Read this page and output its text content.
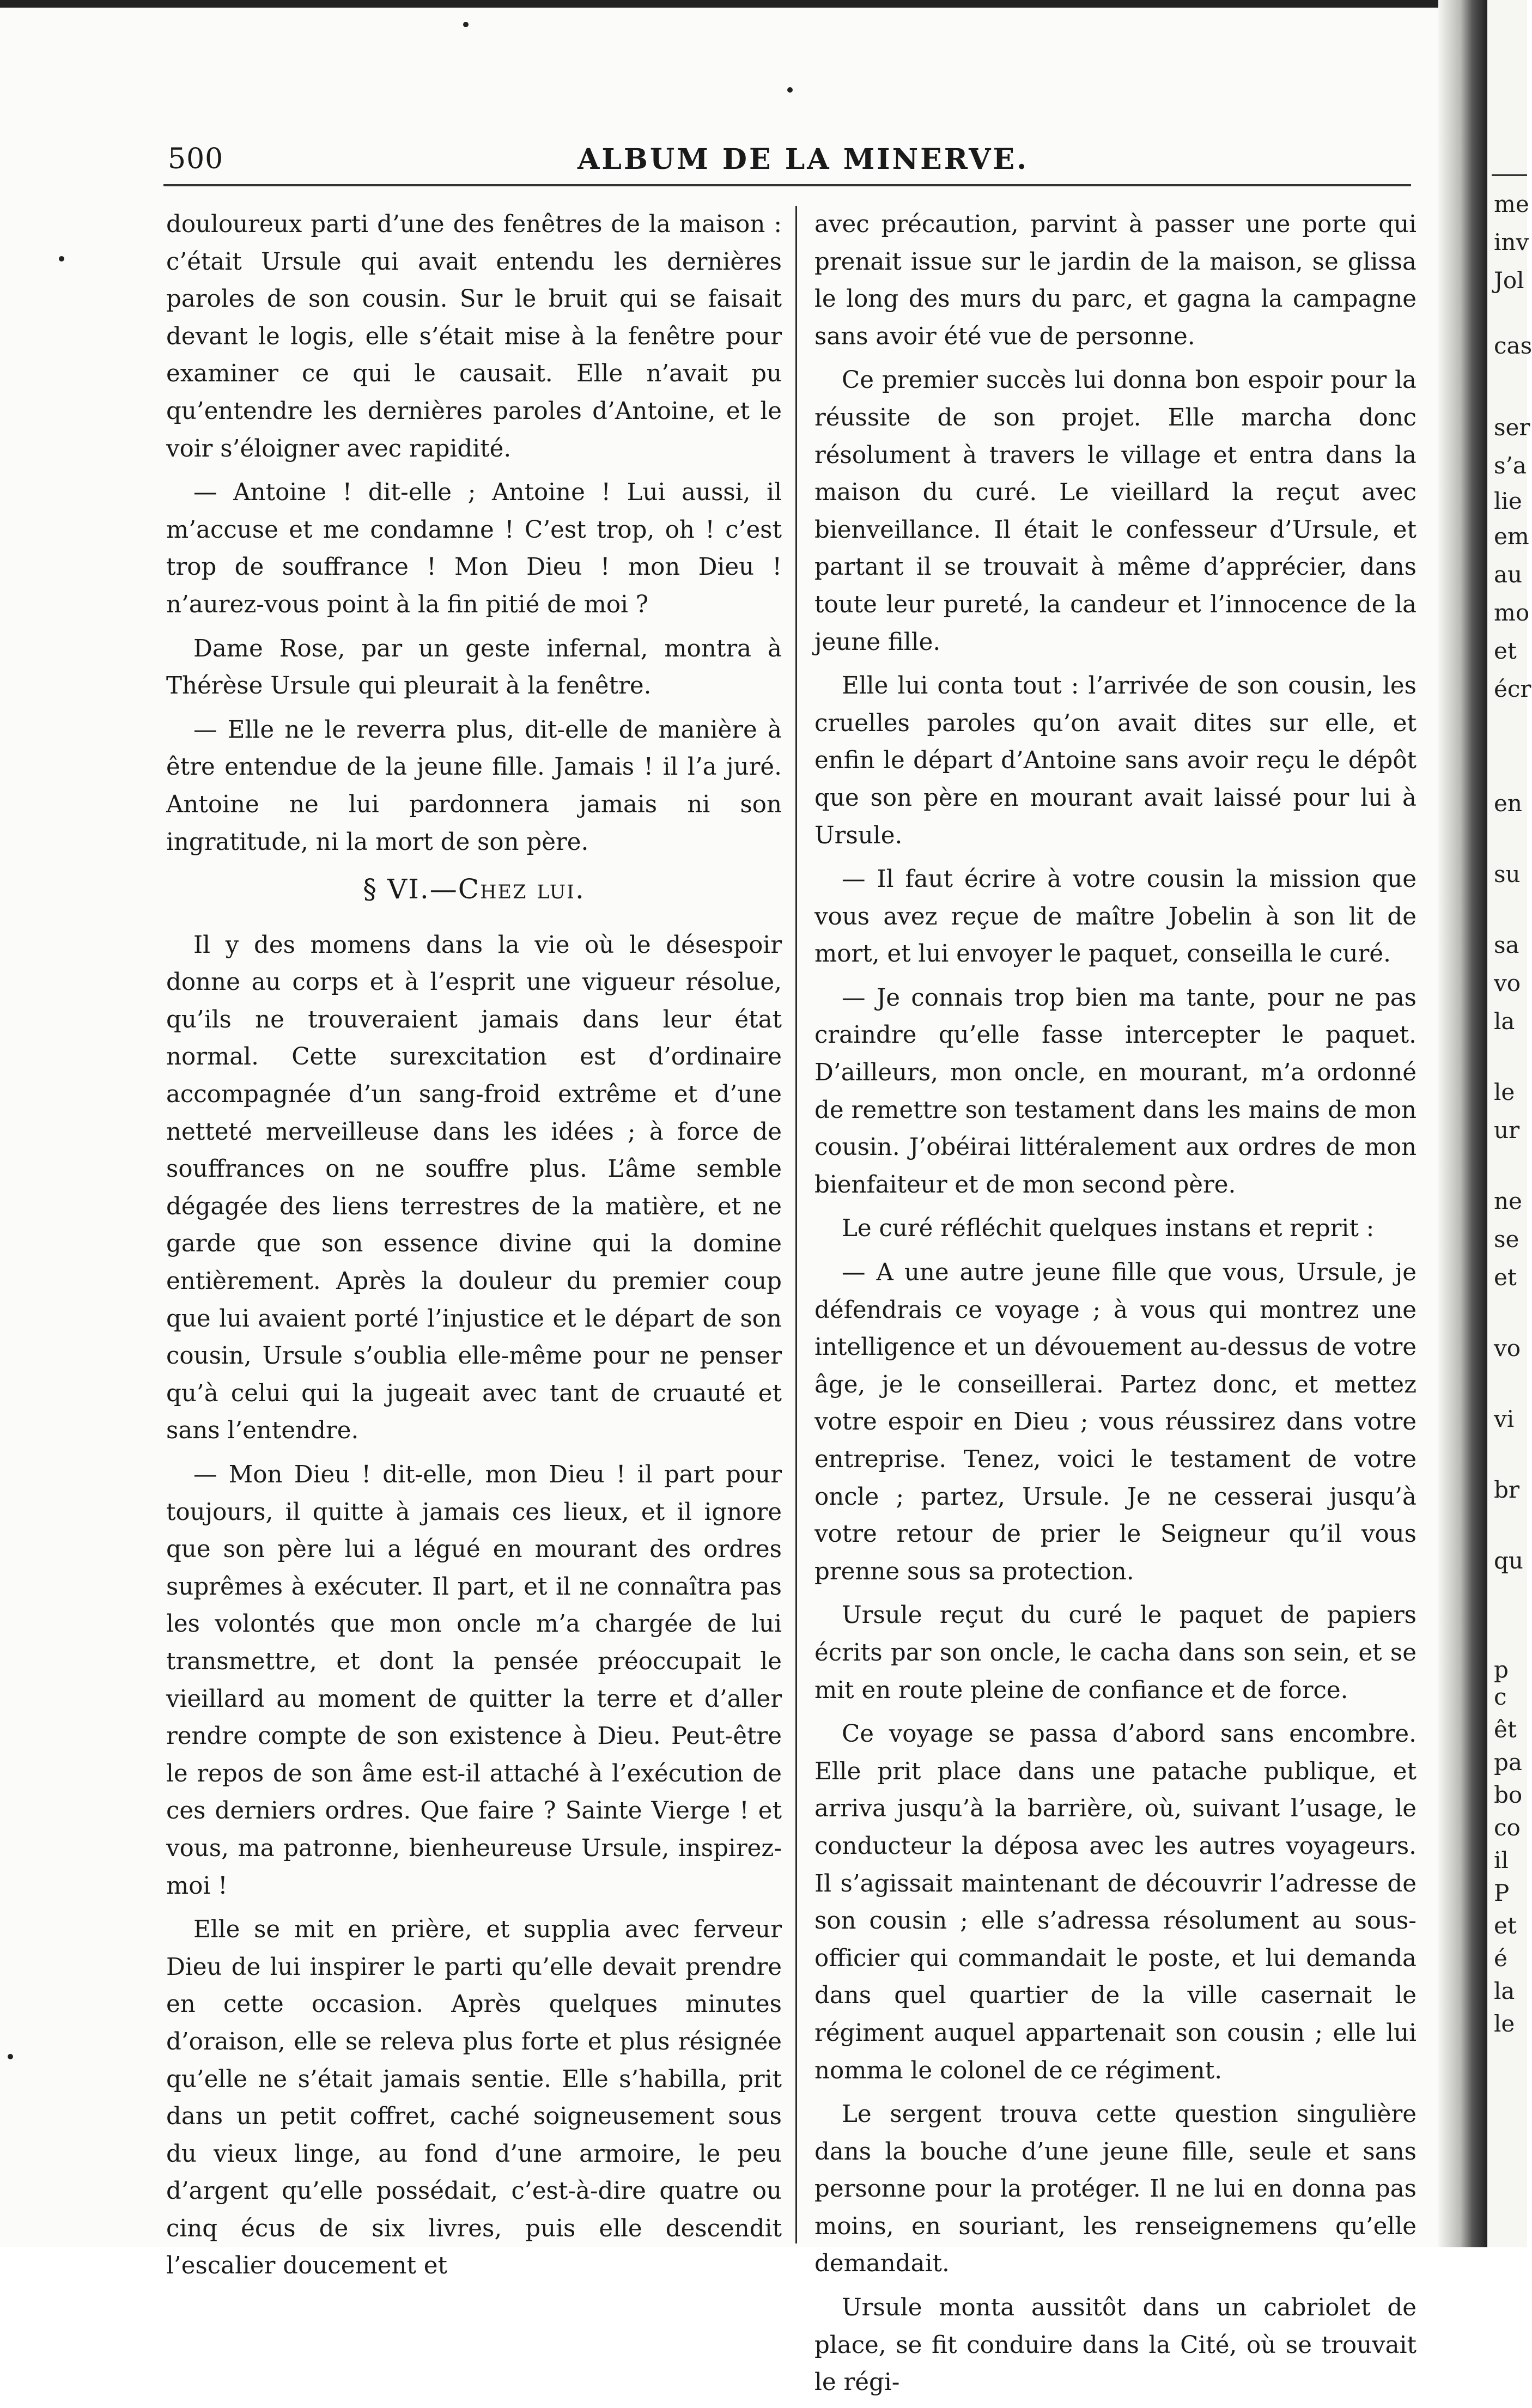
500	ALBUM DE LA MINERVE.

douloureux parti d’une des fenêtres de la maison : c’était Ursule qui avait entendu les dernières paroles de son cousin. Sur le bruit qui se faisait devant le logis, elle s’était mise à la fenêtre pour examiner ce qui le causait. Elle n’avait pu qu’entendre les dernières paroles d’Antoine, et le voir s’éloigner avec rapidité.

— Antoine ! dit-elle ; Antoine ! Lui aussi, il m’accuse et me condamne ! C’est trop, oh ! c’est trop de souffrance ! Mon Dieu ! mon Dieu ! n’aurez-vous point à la fin pitié de moi ?

Dame Rose, par un geste infernal, montra à Thérèse Ursule qui pleurait à la fenêtre.

— Elle ne le reverra plus, dit-elle de manière à être entendue de la jeune fille. Jamais ! il l’a juré. Antoine ne lui pardonnera jamais ni son ingratitude, ni la mort de son père.

§ VI.—Chez lui.

Il y des momens dans la vie où le désespoir donne au corps et à l’esprit une vigueur résolue, qu’ils ne trouveraient jamais dans leur état normal. Cette surexcitation est d’ordinaire accompagnée d’un sang-froid extrême et d’une netteté merveilleuse dans les idées ; à force de souffrances on ne souffre plus. L’âme semble dégagée des liens terrestres de la matière, et ne garde que son essence divine qui la domine entièrement. Après la douleur du premier coup que lui avaient porté l’injustice et le départ de son cousin, Ursule s’oublia elle-même pour ne penser qu’à celui qui la jugeait avec tant de cruauté et sans l’entendre.

— Mon Dieu ! dit-elle, mon Dieu ! il part pour toujours, il quitte à jamais ces lieux, et il ignore que son père lui a légué en mourant des ordres suprêmes à exécuter. Il part, et il ne connaîtra pas les volontés que mon oncle m’a chargée de lui transmettre, et dont la pensée préoccupait le vieillard au moment de quitter la terre et d’aller rendre compte de son existence à Dieu. Peut-être le repos de son âme est-il attaché à l’exécution de ces derniers ordres. Que faire ? Sainte Vierge ! et vous, ma patronne, bienheureuse Ursule, inspirez-moi !

Elle se mit en prière, et supplia avec ferveur Dieu de lui inspirer le parti qu’elle devait prendre en cette occasion. Après quelques minutes d’oraison, elle se releva plus forte et plus résignée qu’elle ne s’était jamais sentie. Elle s’habilla, prit dans un petit coffret, caché soigneusement sous du vieux linge, au fond d’une armoire, le peu d’argent qu’elle possédait, c’est-à-dire quatre ou cinq écus de six livres, puis elle descendit l’escalier doucement et

avec précaution, parvint à passer une porte qui prenait issue sur le jardin de la maison, se glissa le long des murs du parc, et gagna la campagne sans avoir été vue de personne.

Ce premier succès lui donna bon espoir pour la réussite de son projet. Elle marcha donc résolument à travers le village et entra dans la maison du curé. Le vieillard la reçut avec bienveillance. Il était le confesseur d’Ursule, et partant il se trouvait à même d’apprécier, dans toute leur pureté, la candeur et l’innocence de la jeune fille.

Elle lui conta tout : l’arrivée de son cousin, les cruelles paroles qu’on avait dites sur elle, et enfin le départ d’Antoine sans avoir reçu le dépôt que son père en mourant avait laissé pour lui à Ursule.

— Il faut écrire à votre cousin la mission que vous avez reçue de maître Jobelin à son lit de mort, et lui envoyer le paquet, conseilla le curé.

— Je connais trop bien ma tante, pour ne pas craindre qu’elle fasse intercepter le paquet. D’ailleurs, mon oncle, en mourant, m’a ordonné de remettre son testament dans les mains de mon cousin. J’obéirai littéralement aux ordres de mon bienfaiteur et de mon second père.

Le curé réfléchit quelques instans et reprit :

— A une autre jeune fille que vous, Ursule, je défendrais ce voyage ; à vous qui montrez une intelligence et un dévouement au-dessus de votre âge, je le conseillerai. Partez donc, et mettez votre espoir en Dieu ; vous réussirez dans votre entreprise. Tenez, voici le testament de votre oncle ; partez, Ursule. Je ne cesserai jusqu’à votre retour de prier le Seigneur qu’il vous prenne sous sa protection.

Ursule reçut du curé le paquet de papiers écrits par son oncle, le cacha dans son sein, et se mit en route pleine de confiance et de force.

Ce voyage se passa d’abord sans encombre. Elle prit place dans une patache publique, et arriva jusqu’à la barrière, où, suivant l’usage, le conducteur la déposa avec les autres voyageurs. Il s’agissait maintenant de découvrir l’adresse de son cousin ; elle s’adressa résolument au sous-officier qui commandait le poste, et lui demanda dans quel quartier de la ville casernait le régiment auquel appartenait son cousin ; elle lui nomma le colonel de ce régiment.

Le sergent trouva cette question singulière dans la bouche d’une jeune fille, seule et sans personne pour la protéger. Il ne lui en donna pas moins, en souriant, les renseignemens qu’elle demandait.

Ursule monta aussitôt dans un cabriolet de place, se fit conduire dans la Cité, où se trouvait le régi-

me
inv
Jol
cas
ser
s’a
lie
em
au
mo
et
écr
en
su
sa
vo
la
le
ur
ne
se
et
vo
vi
br
qu
p
c
êt
pa
bo
co
il
P
et
é
la
le
